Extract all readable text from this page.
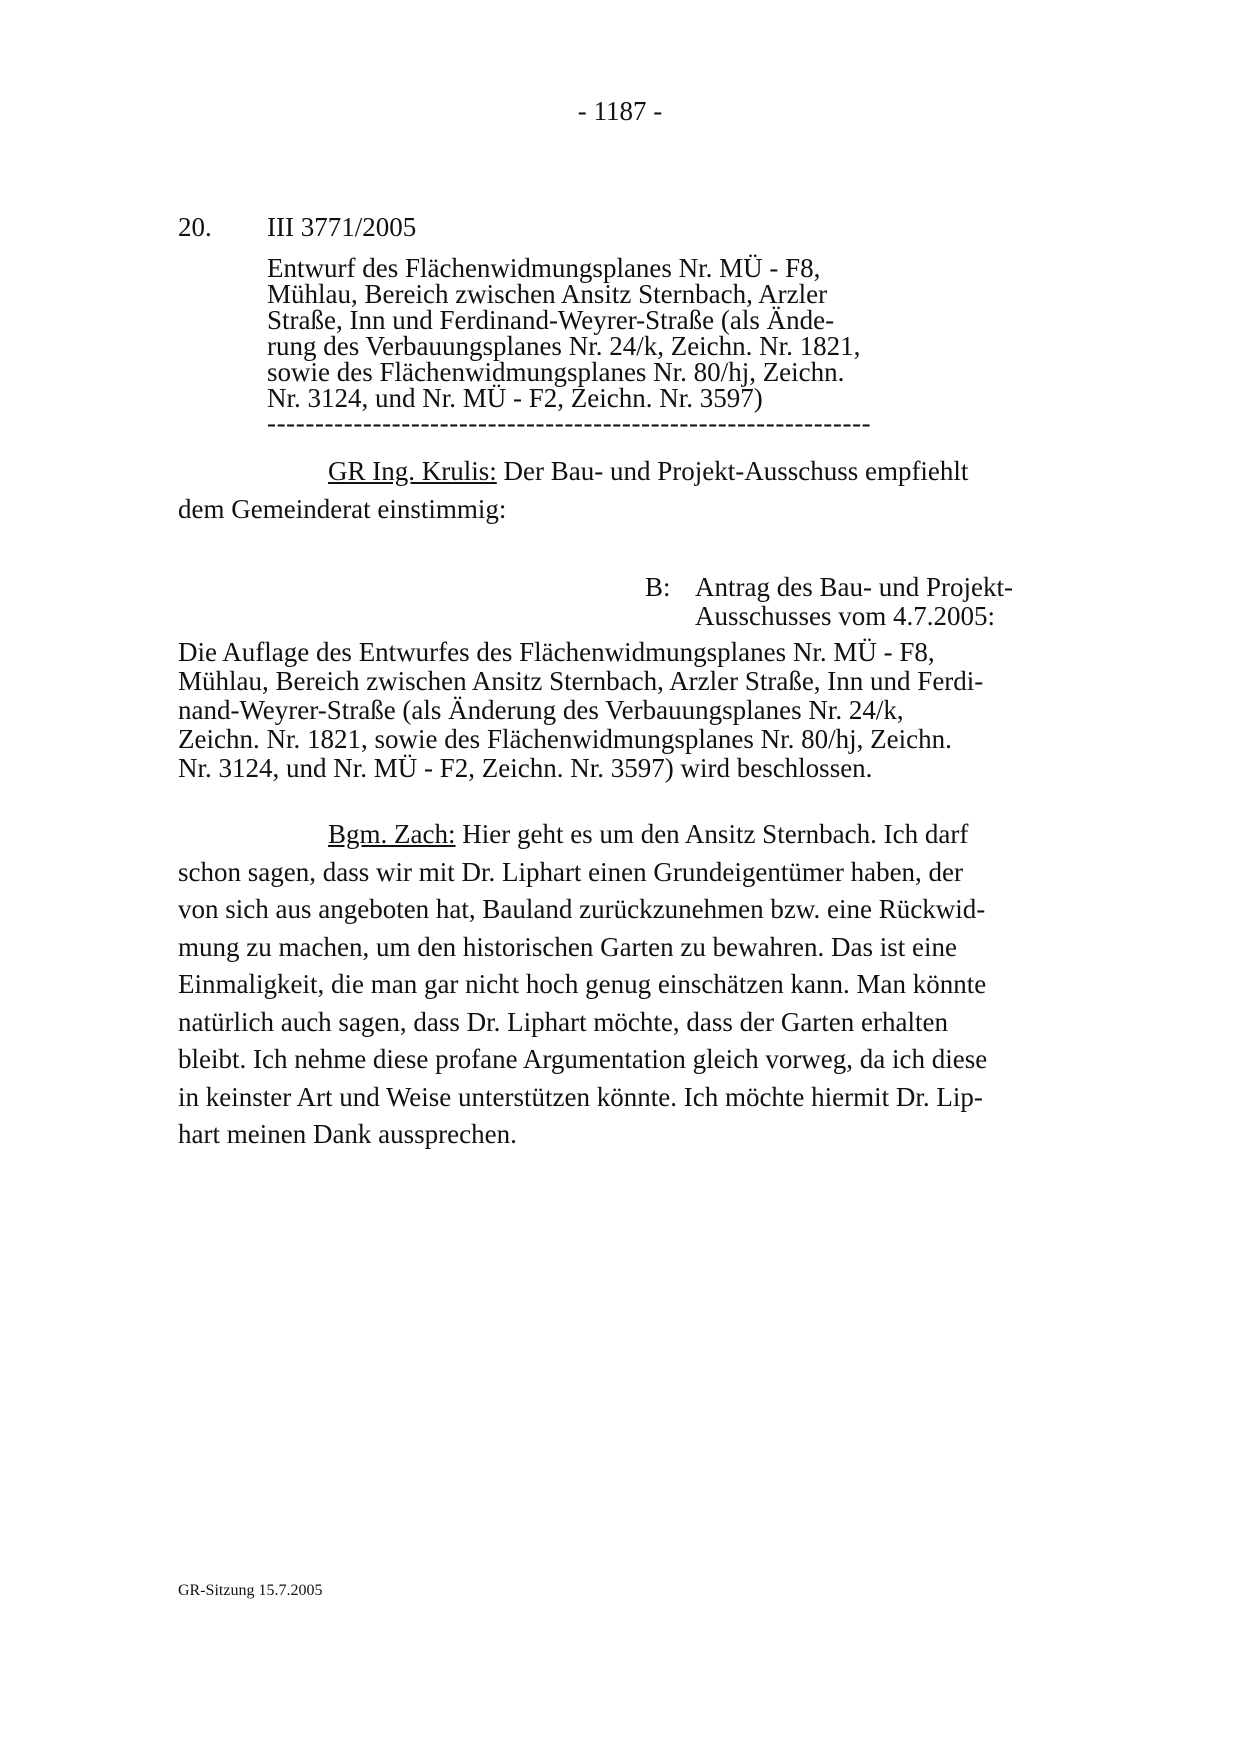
- 1187 -
20. III 3771/2005
Entwurf des Flächenwidmungsplanes Nr. MÜ - F8,
Mühlau, Bereich zwischen Ansitz Sternbach, Arzler
Straße, Inn und Ferdinand-Weyrer-Straße (als Ände-
rung des Verbauungsplanes Nr. 24/k, Zeichn. Nr. 1821,
sowie des Flächenwidmungsplanes Nr. 80/hj, Zeichn.
Nr. 3124, und Nr. MÜ - F2, Zeichn. Nr. 3597)
---------------------------------------------------------------
GR Ing. Krulis: Der Bau- und Projekt-Ausschuss empfiehlt
dem Gemeinderat einstimmig:
B: Antrag des Bau- und Projekt-
Ausschusses vom 4.7.2005:
Die Auflage des Entwurfes des Flächenwidmungsplanes Nr. MÜ - F8,
Mühlau, Bereich zwischen Ansitz Sternbach, Arzler Straße, Inn und Ferdi-
nand-Weyrer-Straße (als Änderung des Verbauungsplanes Nr. 24/k,
Zeichn. Nr. 1821, sowie des Flächenwidmungsplanes Nr. 80/hj, Zeichn.
Nr. 3124, und Nr. MÜ - F2, Zeichn. Nr. 3597) wird beschlossen.
Bgm. Zach: Hier geht es um den Ansitz Sternbach. Ich darf
schon sagen, dass wir mit Dr. Liphart einen Grundeigentümer haben, der
von sich aus angeboten hat, Bauland zurückzunehmen bzw. eine Rückwid-
mung zu machen, um den historischen Garten zu bewahren. Das ist eine
Einmaligkeit, die man gar nicht hoch genug einschätzen kann. Man könnte
natürlich auch sagen, dass Dr. Liphart möchte, dass der Garten erhalten
bleibt. Ich nehme diese profane Argumentation gleich vorweg, da ich diese
in keinster Art und Weise unterstützen könnte. Ich möchte hiermit Dr. Lip-
hart meinen Dank aussprechen.
GR-Sitzung 15.7.2005
